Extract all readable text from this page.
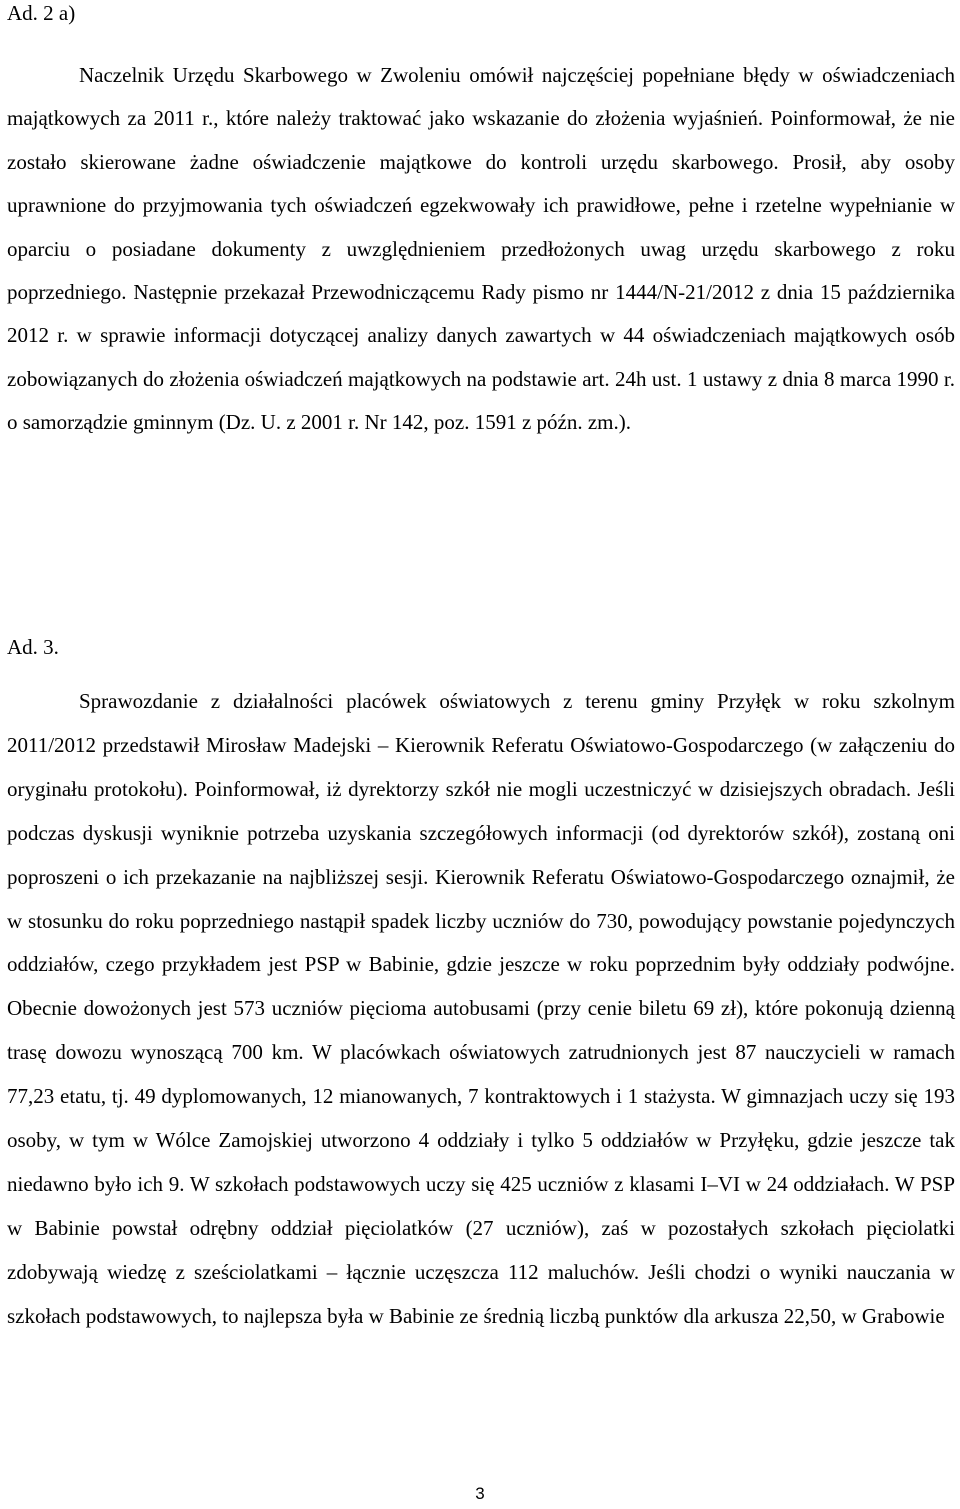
Ad. 2 a)

Naczelnik Urzędu Skarbowego w Zwoleniu omówił najczęściej popełniane błędy w oświadczeniach majątkowych za 2011 r., które należy traktować jako wskazanie do złożenia wyjaśnień. Poinformował, że nie zostało skierowane żadne oświadczenie majątkowe do kontroli urzędu skarbowego. Prosił, aby osoby uprawnione do przyjmowania tych oświadczeń egzekwowały ich prawidłowe, pełne i rzetelne wypełnianie w oparciu o posiadane dokumenty z uwzględnieniem przedłożonych uwag urzędu skarbowego z roku poprzedniego. Następnie przekazał Przewodniczącemu Rady pismo nr 1444/N-21/2012 z dnia 15 października 2012 r. w sprawie informacji dotyczącej analizy danych zawartych w 44 oświadczeniach majątkowych osób zobowiązanych do złożenia oświadczeń majątkowych na podstawie art. 24h ust. 1 ustawy z dnia 8 marca 1990 r. o samorządzie gminnym (Dz. U. z 2001 r. Nr 142, poz. 1591 z późn. zm.).

Ad. 3.

Sprawozdanie z działalności placówek oświatowych z terenu gminy Przyłęk w roku szkolnym 2011/2012 przedstawił Mirosław Madejski – Kierownik Referatu Oświatowo-Gospodarczego (w załączeniu do oryginału protokołu). Poinformował, iż dyrektorzy szkół nie mogli uczestniczyć w dzisiejszych obradach. Jeśli podczas dyskusji wyniknie potrzeba uzyskania szczegółowych informacji (od dyrektorów szkół), zostaną oni poproszeni o ich przekazanie na najbliższej sesji. Kierownik Referatu Oświatowo-Gospodarczego oznajmił, że w stosunku do roku poprzedniego nastąpił spadek liczby uczniów do 730, powodujący powstanie pojedynczych oddziałów, czego przykładem jest PSP w Babinie, gdzie jeszcze w roku poprzednim były oddziały podwójne. Obecnie dowożonych jest 573 uczniów pięcioma autobusami (przy cenie biletu 69 zł), które pokonują dzienną trasę dowozu wynoszącą 700 km. W placówkach oświatowych zatrudnionych jest 87 nauczycieli w ramach 77,23 etatu, tj. 49 dyplomowanych, 12 mianowanych, 7 kontraktowych i 1 stażysta. W gimnazjach uczy się 193 osoby, w tym w Wólce Zamojskiej utworzono 4 oddziały i tylko 5 oddziałów w Przyłęku, gdzie jeszcze tak niedawno było ich 9. W szkołach podstawowych uczy się 425 uczniów z klasami I–VI w 24 oddziałach. W PSP w Babinie powstał odrębny oddział pięciolatków (27 uczniów), zaś w pozostałych szkołach pięciolatki zdobywają wiedzę z sześciolatkami – łącznie uczęszcza 112 maluchów. Jeśli chodzi o wyniki nauczania w szkołach podstawowych, to najlepsza była w Babinie ze średnią liczbą punktów dla arkusza 22,50, w Grabowie

3
